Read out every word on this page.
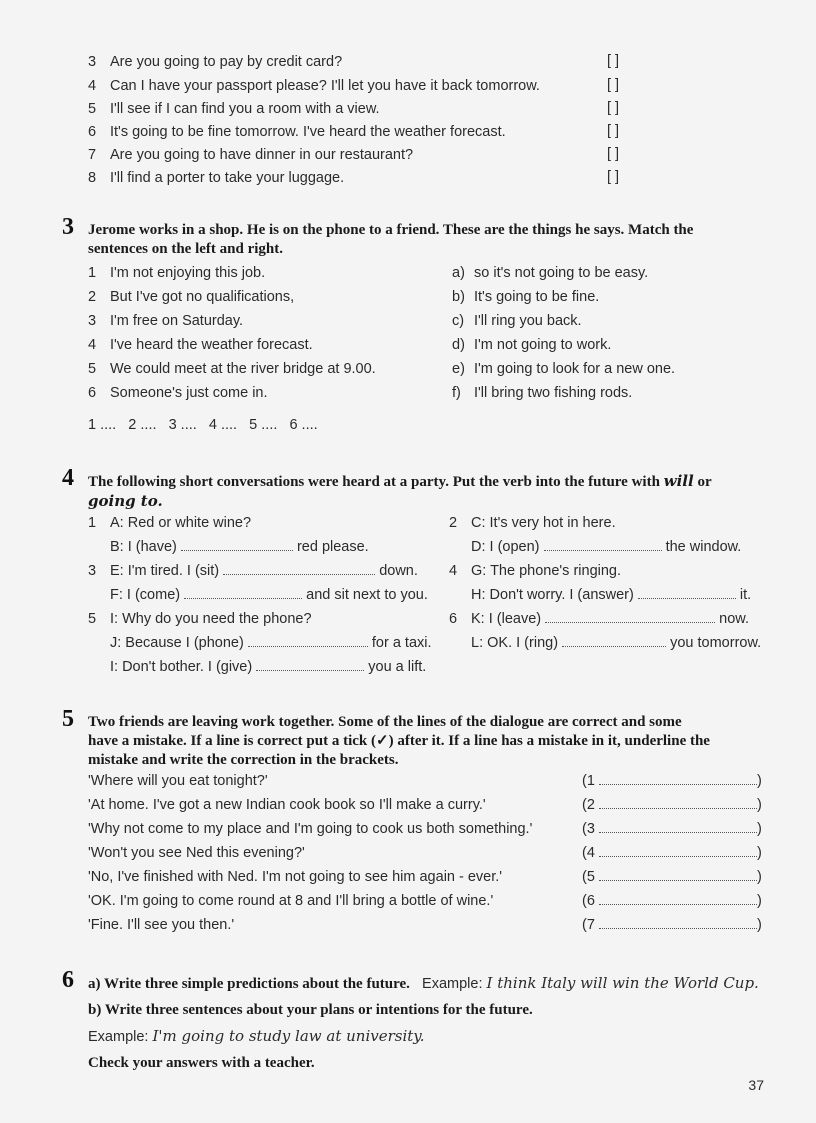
3 Are you going to pay by credit card?	[ ]
4 Can I have your passport please? I'll let you have it back tomorrow.	[ ]
5 I'll see if I can find you a room with a view.	[ ]
6 It's going to be fine tomorrow. I've heard the weather forecast.	[ ]
7 Are you going to have dinner in our restaurant?	[ ]
8 I'll find a porter to take your luggage.	[ ]
3 Jerome works in a shop. He is on the phone to a friend. These are the things he says. Match the
sentences on the left and right.
1 I'm not enjoying this job.
2 But I've got no qualifications,
3 I'm free on Saturday.
4 I've heard the weather forecast.
5 We could meet at the river bridge at 9.00.
6 Someone's just come in.
a) so it's not going to be easy.
b) It's going to be fine.
c) I'll ring you back.
d) I'm not going to work.
e) I'm going to look for a new one.
f) I'll bring two fishing rods.
1 ....   2 ....   3 ....   4 ....   5 ....   6 ....
4 The following short conversations were heard at a party. Put the verb into the future with will or
going to.
1 A: Red or white wine?
B: I (have)	red please.
3 E: I'm tired. I (sit)	down.
F: I (come)	and sit next to you.
5 I: Why do you need the phone?
J: Because I (phone)	for a taxi.
I: Don't bother. I (give)	you a lift.
2 C: It's very hot in here.
D: I (open)	the window.
4 G: The phone's ringing.
H: Don't worry. I (answer)	it.
6 K: I (leave)	now.
L: OK. I (ring)	you tomorrow.
5 Two friends are leaving work together. Some of the lines of the dialogue are correct and some
have a mistake. If a line is correct put a tick (✓) after it. If a line has a mistake in it, underline the
mistake and write the correction in the brackets.
'Where will you eat tonight?'	(1	)
'At home. I've got a new Indian cook book so I'll make a curry.'	(2	)
'Why not come to my place and I'm going to cook us both something.'	(3	)
'Won't you see Ned this evening?'	(4	)
'No, I've finished with Ned. I'm not going to see him again - ever.'	(5	)
'OK. I'm going to come round at 8 and I'll bring a bottle of wine.'	(6	)
'Fine. I'll see you then.'	(7	)
6 a) Write three simple predictions about the future. Example: I think Italy will win the World Cup.
b) Write three sentences about your plans or intentions for the future.
Example: I'm going to study law at university.
Check your answers with a teacher.
37
